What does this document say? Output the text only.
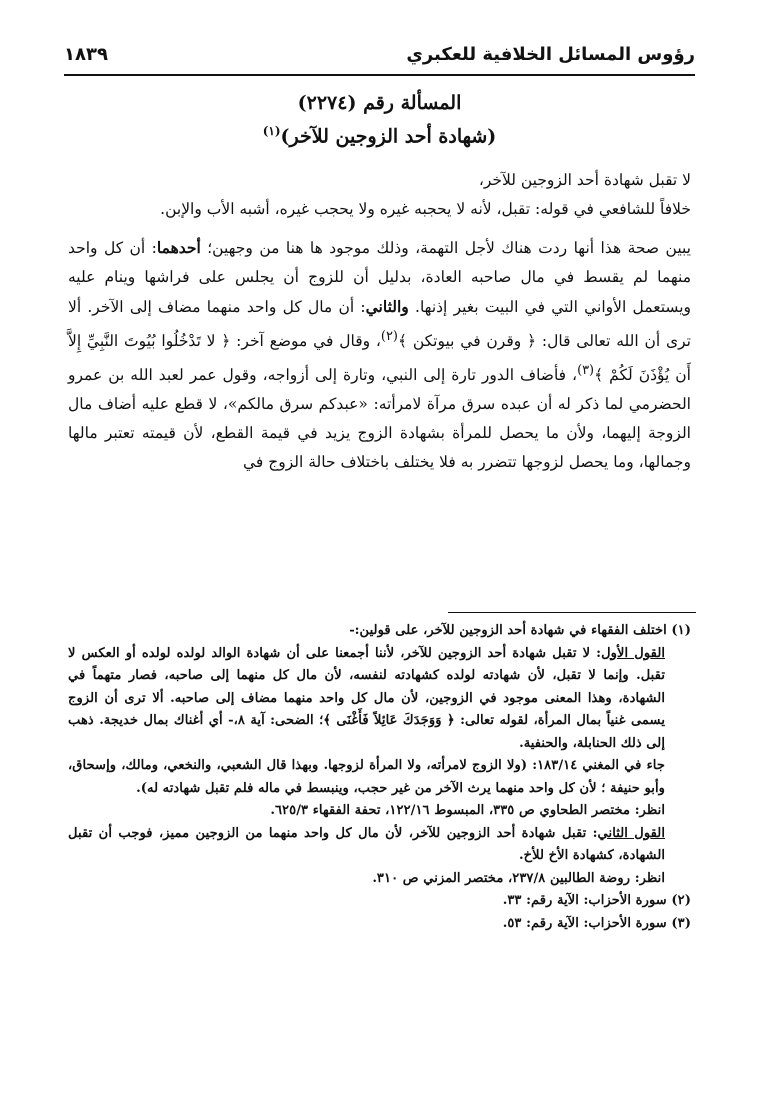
رؤوس المسائل الخلافية للعكبري
١٨٣٩
المسألة رقم (٢٢٧٤)
(شهادة أحد الزوجين للآخر)$^{(١)}$

لا تقبل شهادة أحد الزوجين للآخر،

خلافاً للشافعي في قوله: تقبل، لأنه لا يحجبه غيره ولا يحجب غيره، أشبه الأب والإبن.

يبين صحة هذا أنها ردت هناك لأجل التهمة، وذلك موجود ها هنا من وجهين؛ أحدهما: أن كل واحد منهما لم يقسط في مال صاحبه العادة، بدليل أن للزوج أن يجلس على فراشها وينام عليه ويستعمل الأواني التي في البيت بغير إذنها. والثاني: أن مال كل واحد منهما مضاف إلى الآخر. ألا ترى أن الله تعالى قال: ﴿ وقرن في بيوتكن ﴾$^{(٢)}$، وقال في موضع آخر: ﴿ لا تَدْخُلُوا بُيُوتَ النَّبِيِّ إِلاَّ أَن يُؤْذَنَ لَكُمْ ﴾$^{(٣)}$، فأضاف الدور تارة إلى النبي، وتارة إلى أزواجه، وقول عمر لعبد الله بن عمرو الحضرمي لما ذكر له أن عبده سرق مرآة لامرأته: «عبدكم سرق مالكم»، لا قطع عليه أضاف مال الزوجة إليهما، ولأن ما يحصل للمرأة بشهادة الزوج يزيد في قيمة القطع، لأن قيمته تعتبر مالها وجمالها، وما يحصل لزوجها تتضرر به فلا يختلف باختلاف حالة الزوج في

(١) اختلف الفقهاء في شهادة أحد الزوجين للآخر، على قولين:-

القول الأول: لا تقبل شهادة أحد الزوجين للآخر، لأننا أجمعنا على أن شهادة الوالد لولده لولده أو العكس لا تقبل. وإنما لا تقبل، لأن شهادته لولده كشهادته لنفسه، لأن مال كل منهما إلى صاحبه، فصار متهماً في الشهادة، وهذا المعنى موجود في الزوجين، لأن مال كل واحد منهما مضاف إلى صاحبه. ألا ترى أن الزوج يسمى غنياً بمال المرأة، لقوله تعالى: ﴿ وَوَجَدَكَ عَائِلاً فَأَغْنَى ﴾؛ الضحى: آية ٨،- أي أغناك بمال خديجة. ذهب إلى ذلك الحنابلة، والحنفية.

جاء في المغني ١٨٣/١٤: (ولا الزوج لامرأته، ولا المرأة لزوجها. وبهذا قال الشعبي، والنخعي، ومالك، وإسحاق، وأبو حنيفة ؛ لأن كل واحد منهما يرث الآخر من غير حجب، وينبسط في ماله فلم تقبل شهادته له).

انظر: مختصر الطحاوي ص ٣٣٥، المبسوط ١٢٢/١٦، تحفة الفقهاء ٦٢٥/٣.

القول الثاني: تقبل شهادة أحد الزوجين للآخر، لأن مال كل واحد منهما من الزوجين مميز، فوجب أن تقبل الشهادة، كشهادة الأخ للأخ.

انظر: روضة الطالبين ٢٣٧/٨، مختصر المزني ص ٣١٠.

(٢) سورة الأحزاب: الآية رقم: ٣٣.

(٣) سورة الأحزاب: الآية رقم: ٥٣.
